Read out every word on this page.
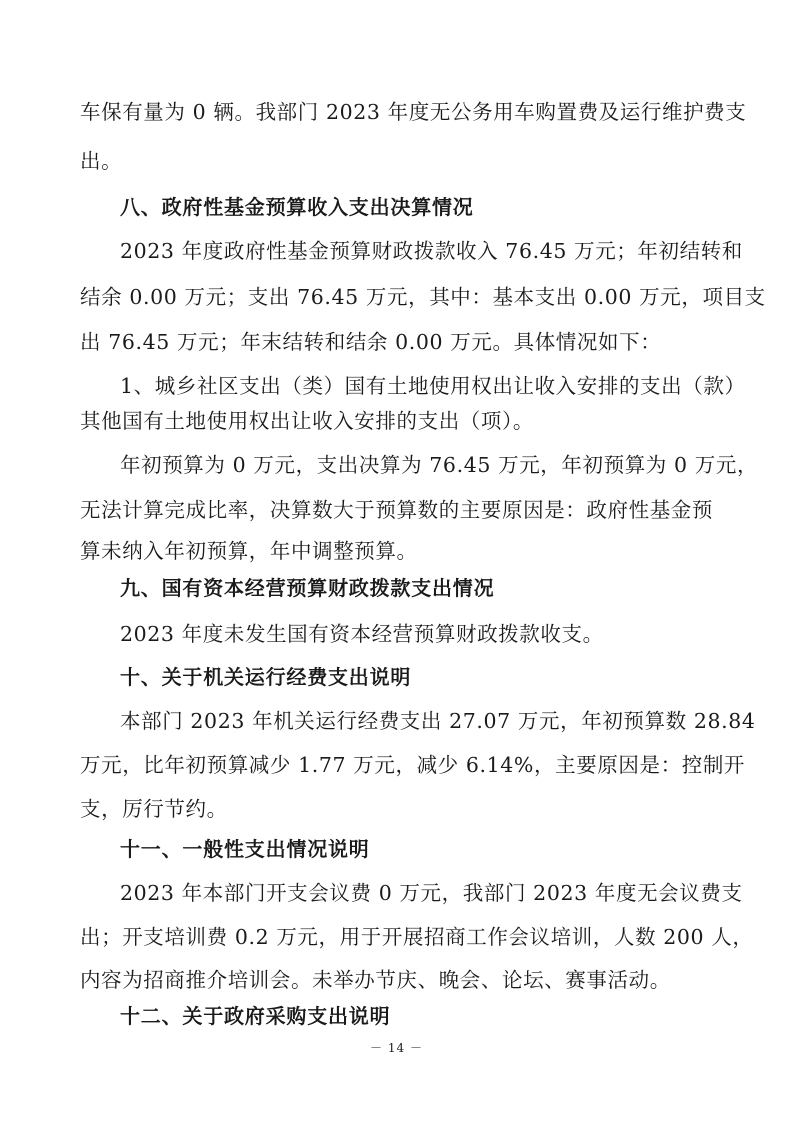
车保有量为 0 辆。我部门 2023 年度无公务用车购置费及运行维护费支
出。
八、政府性基金预算收入支出决算情况
2023 年度政府性基金预算财政拨款收入 76.45 万元；年初结转和
结余 0.00 万元；支出 76.45 万元，其中：基本支出 0.00 万元，项目支
出 76.45 万元；年末结转和结余 0.00 万元。具体情况如下：
1、城乡社区支出（类）国有土地使用权出让收入安排的支出（款）
其他国有土地使用权出让收入安排的支出（项）。
年初预算为 0 万元，支出决算为 76.45 万元，年初预算为 0 万元，
无法计算完成比率，决算数大于预算数的主要原因是：政府性基金预
算未纳入年初预算，年中调整预算。
九、国有资本经营预算财政拨款支出情况
2023 年度未发生国有资本经营预算财政拨款收支。
十、关于机关运行经费支出说明
本部门 2023 年机关运行经费支出 27.07 万元，年初预算数 28.84
万元，比年初预算减少 1.77 万元，减少 6.14%，主要原因是：控制开
支，厉行节约。
十一、一般性支出情况说明
2023 年本部门开支会议费 0 万元，我部门 2023 年度无会议费支
出；开支培训费 0.2 万元，用于开展招商工作会议培训，人数 200 人，
内容为招商推介培训会。未举办节庆、晚会、论坛、赛事活动。
十二、关于政府采购支出说明
－ 14 －
